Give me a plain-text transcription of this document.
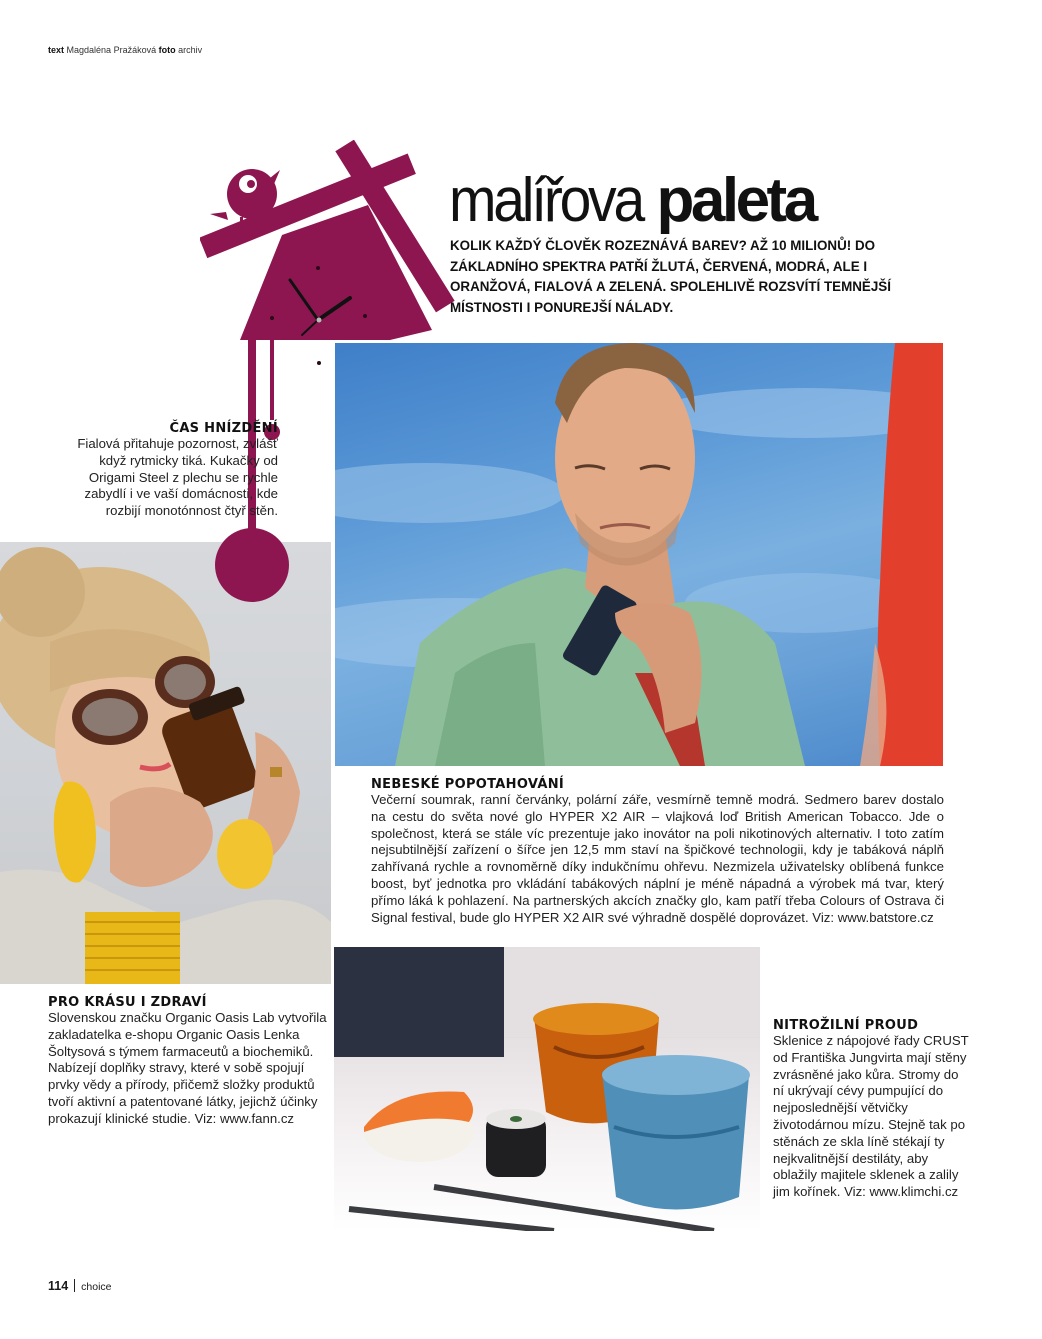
text Magdaléna Pražáková foto archiv
malířova paleta
KOLIK KAŽDÝ ČLOVĚK ROZEZNÁVÁ BAREV? AŽ 10 MILIONŮ! DO ZÁKLADNÍHO SPEKTRA PATŘÍ ŽLUTÁ, ČERVENÁ, MODRÁ, ALE I ORANŽOVÁ, FIALOVÁ A ZELENÁ. SPOLEHLIVĚ ROZSVÍTÍ TEMNĚJŠÍ MÍSTNOSTI I PONUREJŠÍ NÁLADY.
ČAS HNÍZDĚNÍ
Fialová přitahuje pozornost, zvlášť když rytmicky tiká. Kukačky od Origami Steel z plechu se rychle zabydlí i ve vaší domácnosti, kde rozbijí monotónnost čtyř stěn.
NEBESKÉ POPOTAHOVÁNÍ
Večerní soumrak, ranní červánky, polární záře, vesmírně temně modrá. Sedmero barev dostalo na cestu do světa nové glo HYPER X2 AIR – vlajková loď British American Tobacco. Jde o společnost, která se stále víc prezentuje jako inovátor na poli nikotinových alternativ. I toto zatím nejsubtilnější zařízení o šířce jen 12,5 mm staví na špičkové technologii, kdy je tabáková náplň zahřívaná rychle a rovnoměrně díky indukčnímu ohřevu. Nezmizela uživatelsky oblíbená funkce boost, byť jednotka pro vkládání tabákových náplní je méně nápadná a výrobek má tvar, který přímo láká k pohlazení. Na partnerských akcích značky glo, kam patří třeba Colours of Ostrava či Signal festival, bude glo HYPER X2 AIR své výhradně dospělé doprovázet. Viz: www.batstore.cz
PRO KRÁSU I ZDRAVÍ
Slovenskou značku Organic Oasis Lab vytvořila zakladatelka e-shopu Organic Oasis Lenka Šoltysová s týmem farmaceutů a biochemiků. Nabízejí doplňky stravy, které v sobě spojují prvky vědy a přírody, přičemž složky produktů tvoří aktivní a patentované látky, jejichž účinky prokazují klinické studie. Viz: www.fann.cz
NITROŽILNÍ PROUD
Sklenice z nápojové řady CRUST od Františka Jungvirta mají stěny zvrásněné jako kůra. Stromy do ní ukrývají cévy pumpující do nejposlednější větvičky životodárnou mízu. Stejně tak po stěnách ze skla líně stékají ty nejkvalitnější destiláty, aby oblažily majitele sklenek a zalily jim kořínek. Viz: www.klimchi.cz
114 choice
